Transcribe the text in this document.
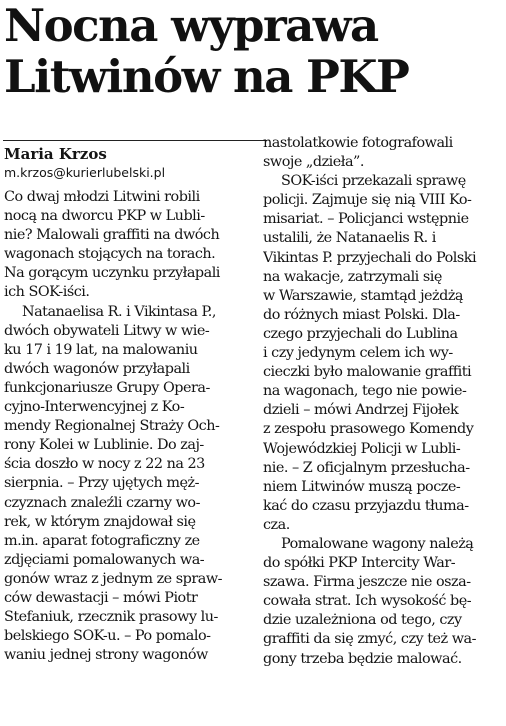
Nocna wyprawa
Litwinów na PKP
Maria Krzos
m.krzos@kurierlubelski.pl
Co dwaj młodzi Litwini robili
nocą na dworcu PKP w Lubli-
nie? Malowali graffiti na dwóch
wagonach stojących na torach.
Na gorącym uczynku przyłapali
ich SOK-iści.
Natanaelisa R. i Vikintasa P.,
dwóch obywateli Litwy w wie-
ku 17 i 19 lat, na malowaniu
dwóch wagonów przyłapali
funkcjonariusze Grupy Opera-
cyjno-Interwencyjnej z Ko-
mendy Regionalnej Straży Och-
rony Kolei w Lublinie. Do zaj-
ścia doszło w nocy z 22 na 23
sierpnia. – Przy ujętych męż-
czyznach znaleźli czarny wo-
rek, w którym znajdował się
m.in. aparat fotograficzny ze
zdjęciami pomalowanych wa-
gonów wraz z jednym ze spraw-
ców dewastacji – mówi Piotr
Stefaniuk, rzecznik prasowy lu-
belskiego SOK-u. – Po pomalo-
waniu jednej strony wagonów
nastolatkowie fotografowali
swoje „dzieła”.
SOK-iści przekazali sprawę
policji. Zajmuje się nią VIII Ko-
misariat. – Policjanci wstępnie
ustalili, że Natanaelis R. i
Vikintas P. przyjechali do Polski
na wakacje, zatrzymali się
w Warszawie, stamtąd jeżdżą
do różnych miast Polski. Dla-
czego przyjechali do Lublina
i czy jedynym celem ich wy-
cieczki było malowanie graffiti
na wagonach, tego nie powie-
dzieli – mówi Andrzej Fijołek
z zespołu prasowego Komendy
Wojewódzkiej Policji w Lubli-
nie. – Z oficjalnym przesłucha-
niem Litwinów muszą pocze-
kać do czasu przyjazdu tłuma-
cza.
Pomalowane wagony należą
do spółki PKP Intercity War-
szawa. Firma jeszcze nie osza-
cowała strat. Ich wysokość bę-
dzie uzależniona od tego, czy
graffiti da się zmyć, czy też wa-
gony trzeba będzie malować.
